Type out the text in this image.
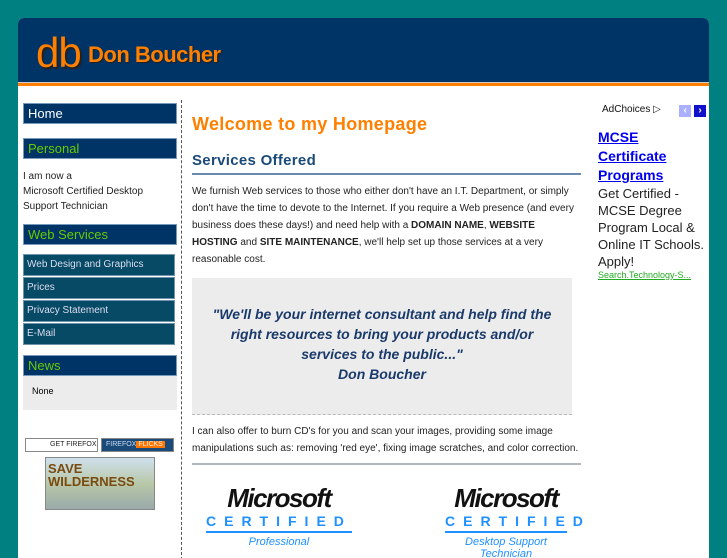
db Don Boucher
Home
Personal
I am now a
Microsoft Certified Desktop
Support Technician
Web Services
Web Design and Graphics
Prices
Privacy Statement
E-Mail
News
None
GET FIREFOX	FIREFOX FLICKS
SAVE
WILDERNESS
Welcome to my Homepage
Services Offered

We furnish Web services to those who either don't have an I.T. Department, or simply don't have the time to devote to the Internet. If you require a Web presence (and every business does these days!) and need help with a DOMAIN NAME, WEBSITE HOSTING and SITE MAINTENANCE, we'll help set up those services at a very reasonable cost.

"We'll be your internet consultant and help find the right resources to bring your products and/or services to the public..."
Don Boucher

I can also offer to burn CD's for you and scan your images, providing some image manipulations such as: removing 'red eye', fixing image scratches, and color correction.

Microsoft
CERTIFIED
Professional
Microsoft
CERTIFIED
Desktop Support Technician
AdChoices ▷	‹ ›
MCSE Certificate Programs
Get Certified - MCSE Degree Program Local & Online IT Schools. Apply!
Search.Technology-S...
